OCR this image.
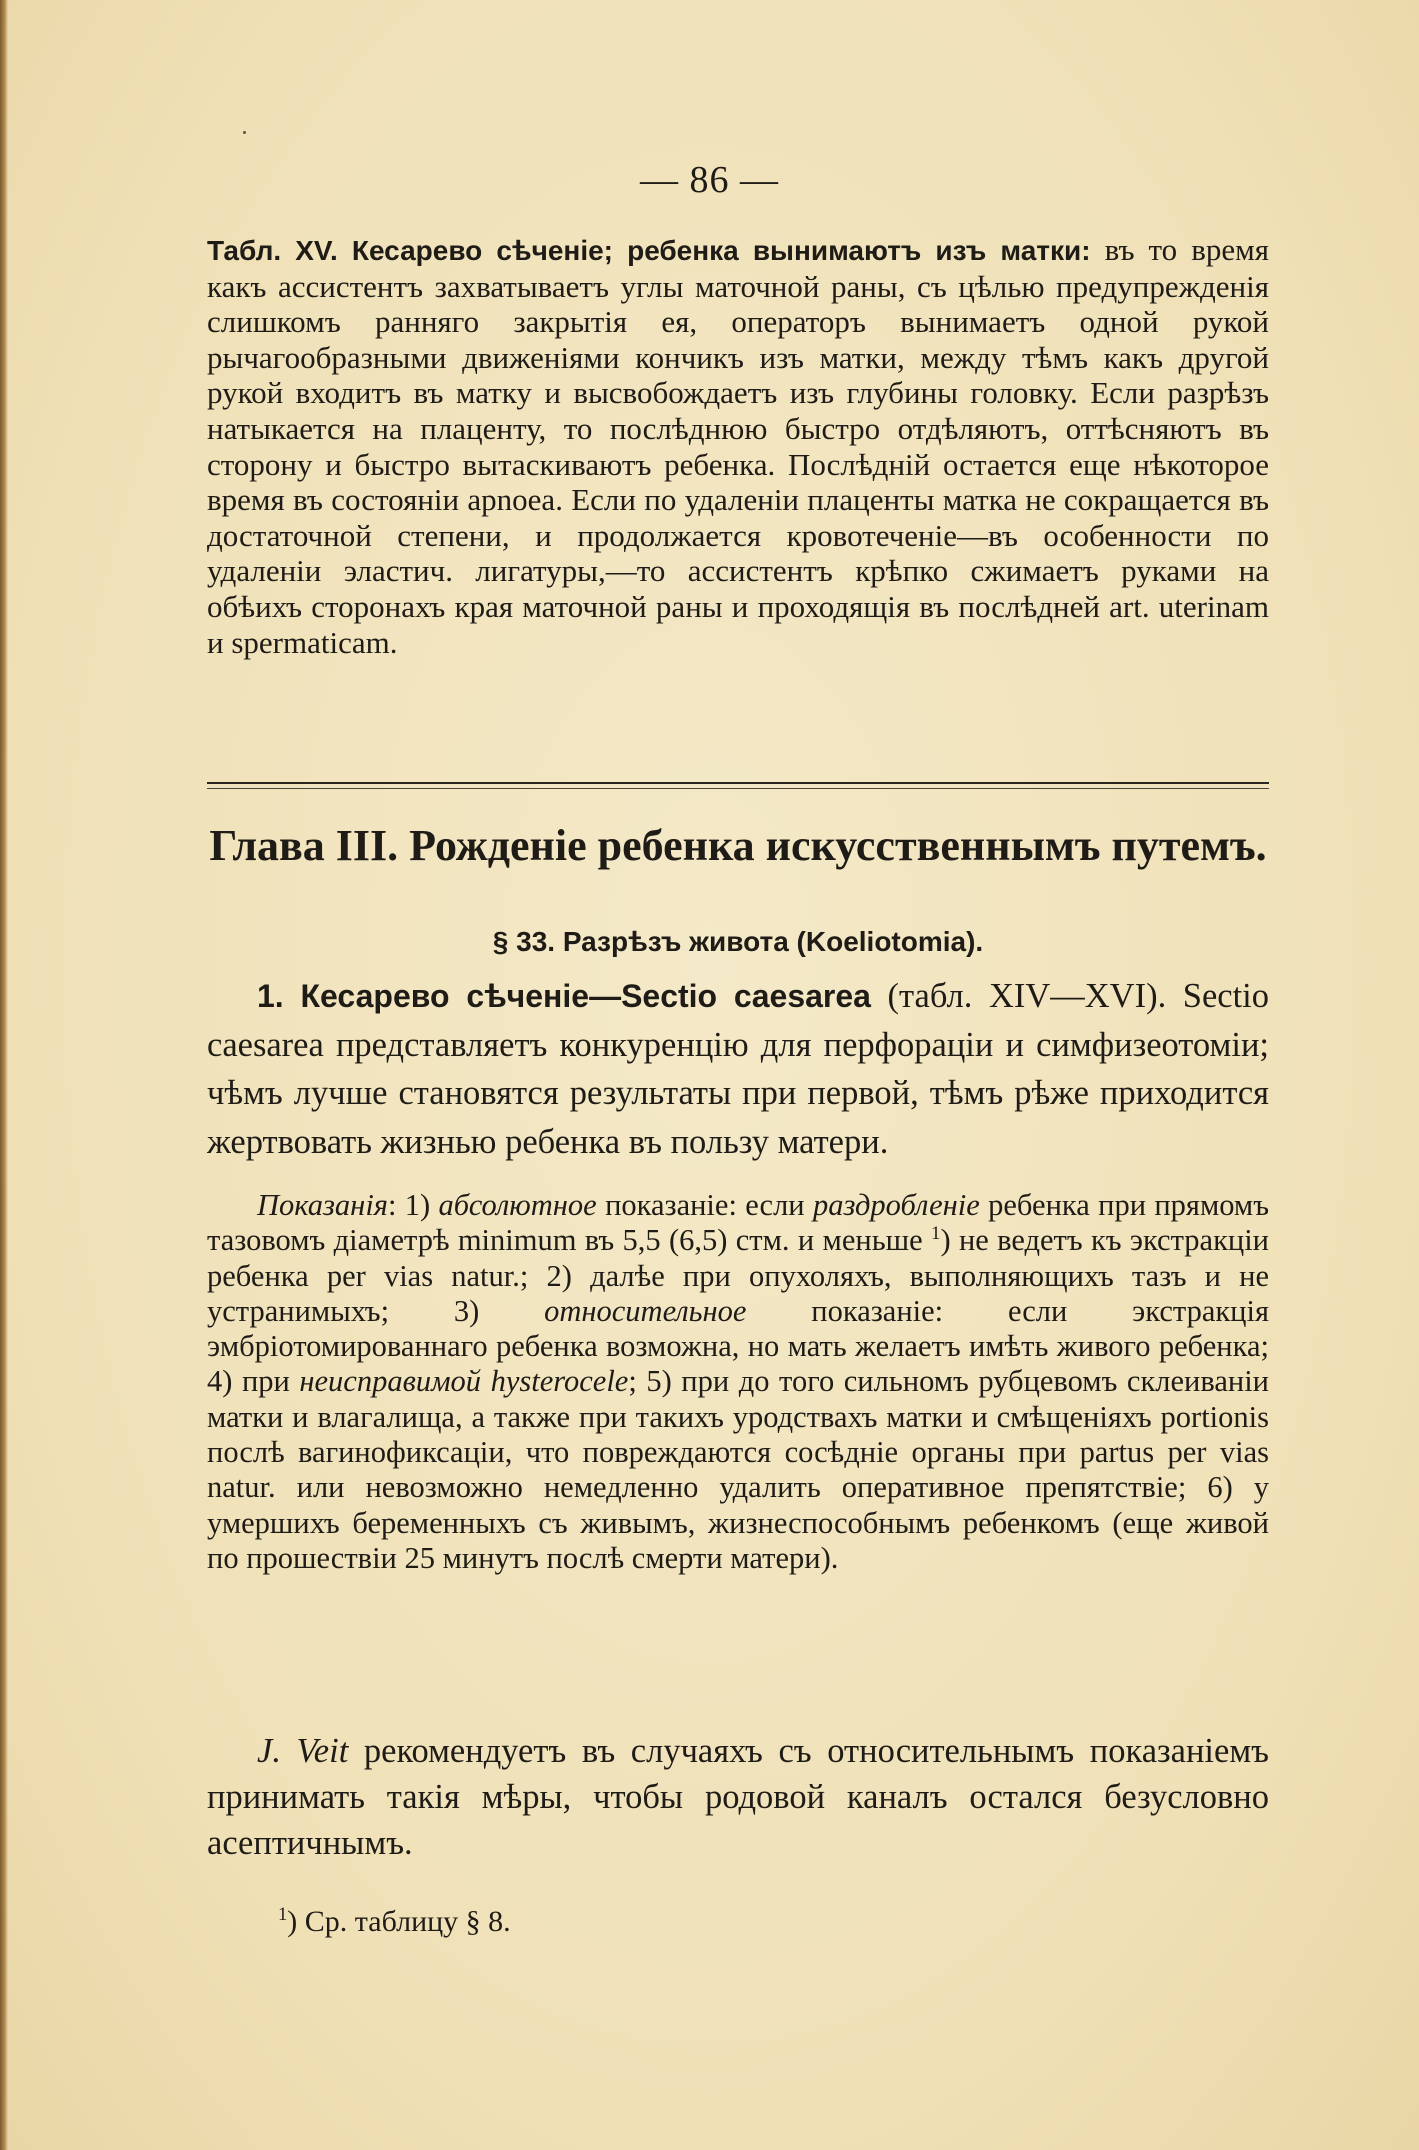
— 86 —

Табл. XV. Кесарево сѣченіе; ребенка вынимаютъ изъ матки: въ то время какъ ассистентъ захватываетъ углы маточной раны, съ цѣлью предупрежденія слишкомъ ранняго закрытія ея, операторъ вынимаетъ одной рукой рычагообразными движеніями кончикъ изъ матки, между тѣмъ какъ другой рукой входитъ въ матку и высвобождаетъ изъ глубины головку. Если разрѣзъ натыкается на плаценту, то послѣднюю быстро отдѣляютъ, оттѣсняютъ въ сторону и быстро вытаскиваютъ ребенка. Послѣдній остается еще нѣкоторое время въ состояніи apnoea. Если по удаленіи плаценты матка не сокращается въ достаточной степени, и продолжается кровотеченіе—въ особенности по удаленіи эластич. лигатуры,—то ассистентъ крѣпко сжимаетъ руками на обѣихъ сторонахъ края маточной раны и проходящія въ послѣдней art. uterinam и spermaticam.

Глава III. Рожденіе ребенка искусственнымъ путемъ.
§ 33. Разрѣзъ живота (Koeliotomia).

1. Кесарево сѣченіе—Sectio caesarea (табл. XIV—XVI). Sectio caesarea представляетъ конкуренцію для перфораціи и симфизеотоміи; чѣмъ лучше становятся результаты при первой, тѣмъ рѣже приходится жертвовать жизнью ребенка въ пользу матери.

Показанія: 1) абсолютное показаніе: если раздробленіе ребенка при прямомъ тазовомъ діаметрѣ minimum въ 5,5 (6,5) стм. и меньше $^1$) не ведетъ къ экстракціи ребенка per vias natur.; 2) далѣе при опухоляхъ, выполняющихъ тазъ и не устранимыхъ; 3) относительное показаніе: если экстракція эмбріотомированнаго ребенка возможна, но мать желаетъ имѣть живого ребенка; 4) при неисправимой hysterocele; 5) при до того сильномъ рубцевомъ склеиваніи матки и влагалища, а также при такихъ уродствахъ матки и смѣщеніяхъ portionis послѣ вагинофиксаціи, что повреждаются сосѣдніе органы при partus per vias natur. или невозможно немедленно удалить оперативное препятствіе; 6) у умершихъ беременныхъ съ живымъ, жизнеспособнымъ ребенкомъ (еще живой по прошествіи 25 минутъ послѣ смерти матери).

J. Veit рекомендуетъ въ случаяхъ съ относительнымъ показаніемъ принимать такія мѣры, чтобы родовой каналъ остался безусловно асептичнымъ.

$^1$) Ср. таблицу § 8.
